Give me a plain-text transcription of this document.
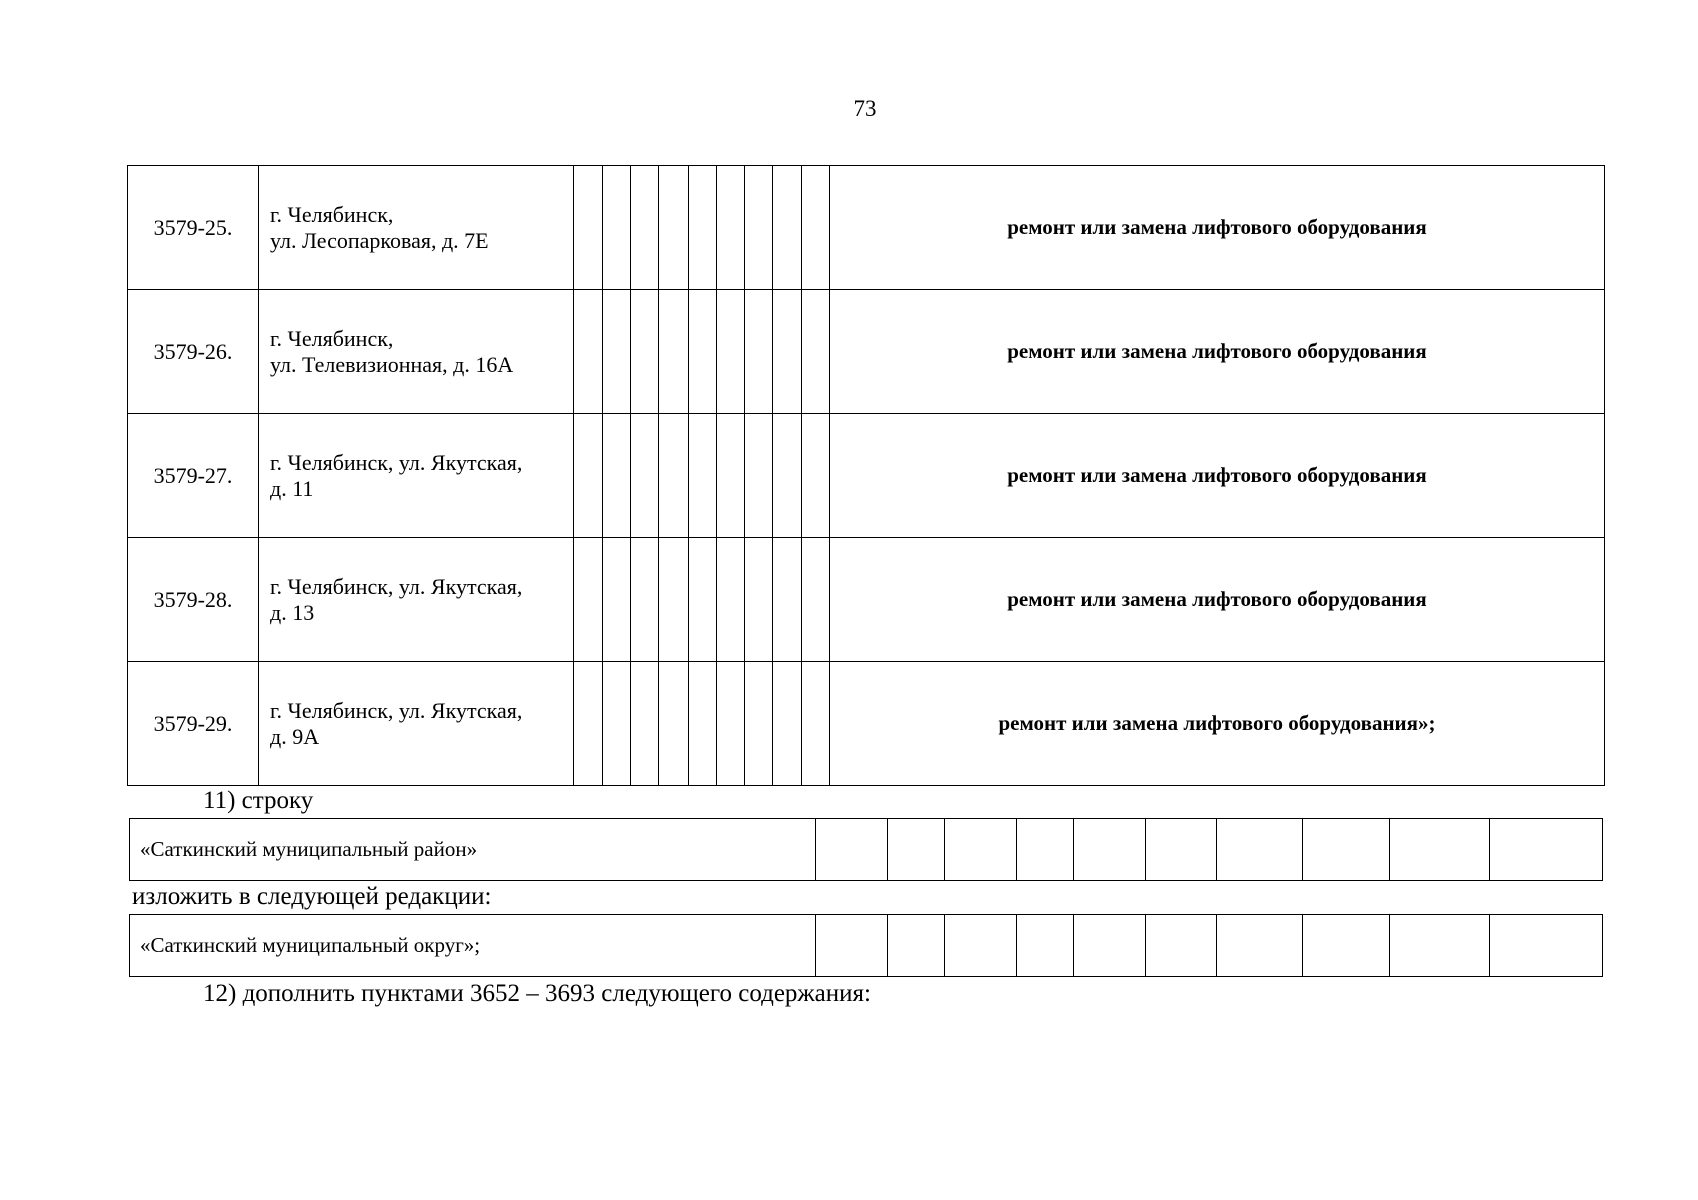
73
3579-25.	г. Челябинск,
ул. Лесопарковая, д. 7Е										ремонт или замена лифтового оборудования
3579-26.	г. Челябинск,
ул. Телевизионная, д. 16А										ремонт или замена лифтового оборудования
3579-27.	г. Челябинск, ул. Якутская,
д. 11										ремонт или замена лифтового оборудования
3579-28.	г. Челябинск, ул. Якутская,
д. 13										ремонт или замена лифтового оборудования
3579-29.	г. Челябинск, ул. Якутская,
д. 9А										ремонт или замена лифтового оборудования»;
11) строку
«Саткинский муниципальный район»										
изложить в следующей редакции:
«Саткинский муниципальный округ»;										
12) дополнить пунктами 3652 – 3693 следующего содержания:
